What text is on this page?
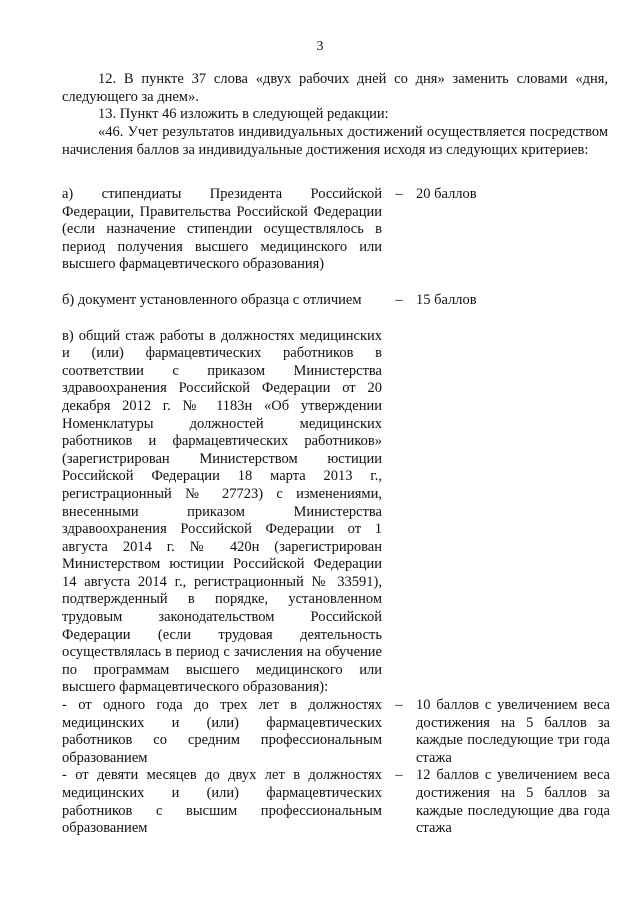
3

12. В пункте 37 слова «двух рабочих дней со дня» заменить словами «дня, следующего за днем».

13. Пункт 46 изложить в следующей редакции:

«46. Учет результатов индивидуальных достижений осуществляется посредством начисления баллов за индивидуальные достижения исходя из следующих критериев:

а) стипендиаты Президента Российской Федерации, Правительства Российской Федерации (если назначение стипендии осуществлялось в период получения высшего медицинского или высшего фармацевтического образования)
– 20 баллов
б) документ установленного образца с отличием	– 15 баллов
в) общий стаж работы в должностях медицинских и (или) фармацевтических работников в соответствии с приказом Министерства здравоохранения Российской Федерации от 20 декабря 2012 г. № 1183н «Об утверждении Номенклатуры должностей медицинских работников и фармацевтических работников» (зарегистрирован Министерством юстиции Российской Федерации 18 марта 2013 г., регистрационный № 27723) с изменениями, внесенными приказом Министерства здравоохранения Российской Федерации от 1 августа 2014 г. № 420н (зарегистрирован Министерством юстиции Российской Федерации 14 августа 2014 г., регистрационный № 33591), подтвержденный в порядке, установленном трудовым законодательством Российской Федерации (если трудовая деятельность осуществлялась в период с зачисления на обучение по программам высшего медицинского или высшего фармацевтического образования):
- от одного года до трех лет в должностях медицинских и (или) фармацевтических работников со средним профессиональным образованием
– 10 баллов с увеличением веса достижения на 5 баллов за каждые последующие три года стажа
- от девяти месяцев до двух лет в должностях медицинских и (или) фармацевтических работников с высшим профессиональным образованием
– 12 баллов с увеличением веса достижения на 5 баллов за каждые последующие два года стажа
